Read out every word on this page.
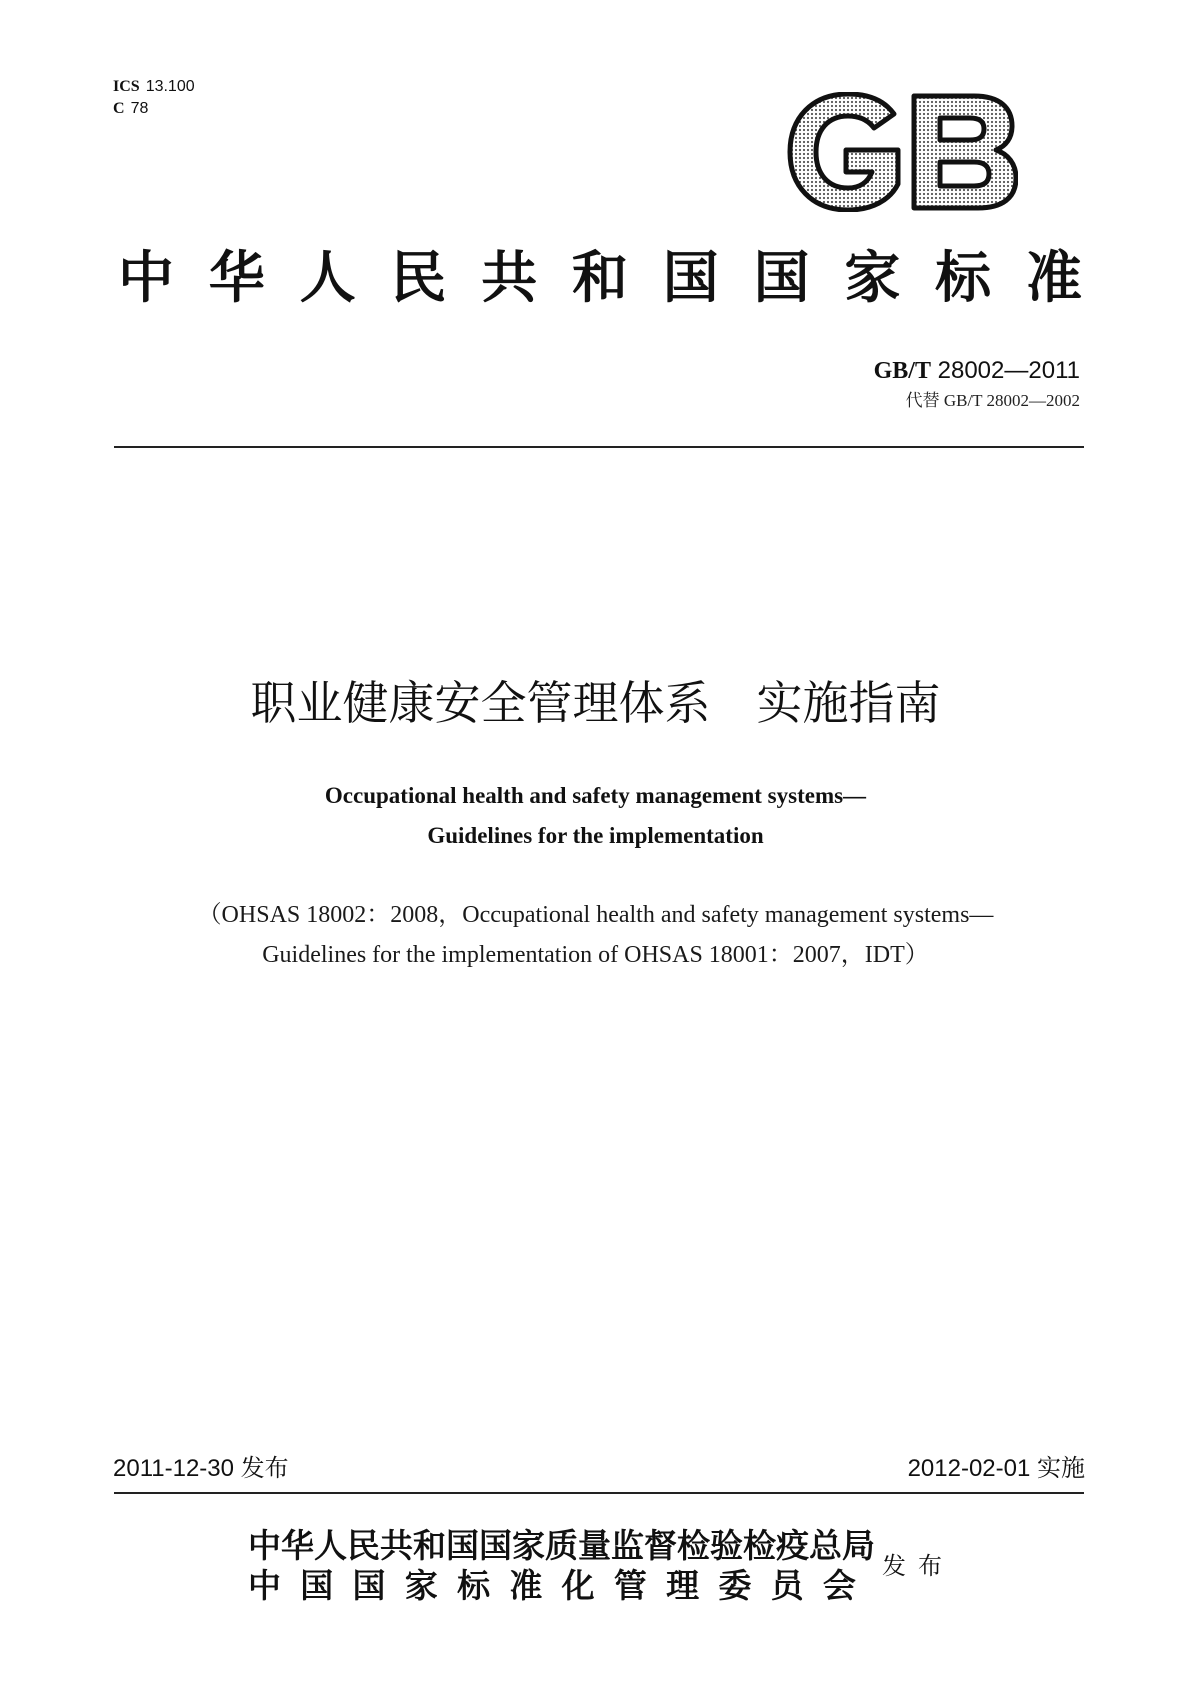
ICS 13.100
C 78
中 华 人 民 共 和 国 国 家 标 准
GB/T 28002—2011
代替 GB/T 28002—2002
职业健康安全管理体系　实施指南
Occupational health and safety management systems—
Guidelines for the implementation
（OHSAS 18002：2008，Occupational health and safety management systems—
Guidelines for the implementation of OHSAS 18001：2007，IDT）
2011-12-30 发布	2012-02-01 实施
中华人民共和国国家质量监督检验检疫总局
中 国 国 家 标 准 化 管 理 委 员 会 发布
